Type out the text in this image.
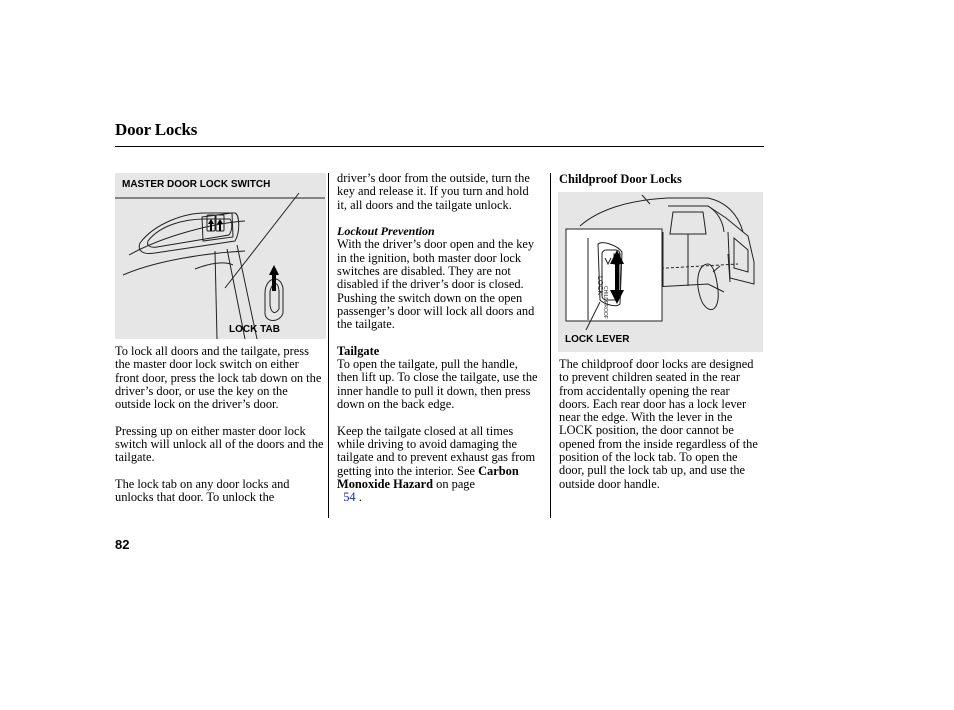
Door Locks
MASTER DOOR LOCK SWITCH
LOCK TAB
LOCK
CHILDPROOF
LOCK LEVER

To lock all doors and the tailgate, press the master door lock switch on either front door, press the lock tab down on the driver’s door, or use the key on the outside lock on the driver’s door.

Pressing up on either master door lock switch will unlock all of the doors and the tailgate.

The lock tab on any door locks and unlocks that door. To unlock the

driver’s door from the outside, turn the key and release it. If you turn and hold it, all doors and the tailgate unlock.

Lockout Prevention

With the driver’s door open and the key in the ignition, both master door lock switches are disabled. They are not disabled if the driver’s door is closed. Pushing the switch down on the open passenger’s door will lock all doors and the tailgate.

Tailgate

To open the tailgate, pull the handle, then lift up. To close the tailgate, use the inner handle to pull it down, then press down on the back edge.

Keep the tailgate closed at all times while driving to avoid damaging the tailgate and to prevent exhaust gas from getting into the interior. See Carbon Monoxide Hazard on page
54 .

The childproof door locks are designed to prevent children seated in the rear from accidentally opening the rear doors. Each rear door has a lock lever near the edge. With the lever in the LOCK position, the door cannot be opened from the inside regardless of the position of the lock tab. To open the door, pull the lock tab up, and use the outside door handle.

Childproof Door Locks
82
